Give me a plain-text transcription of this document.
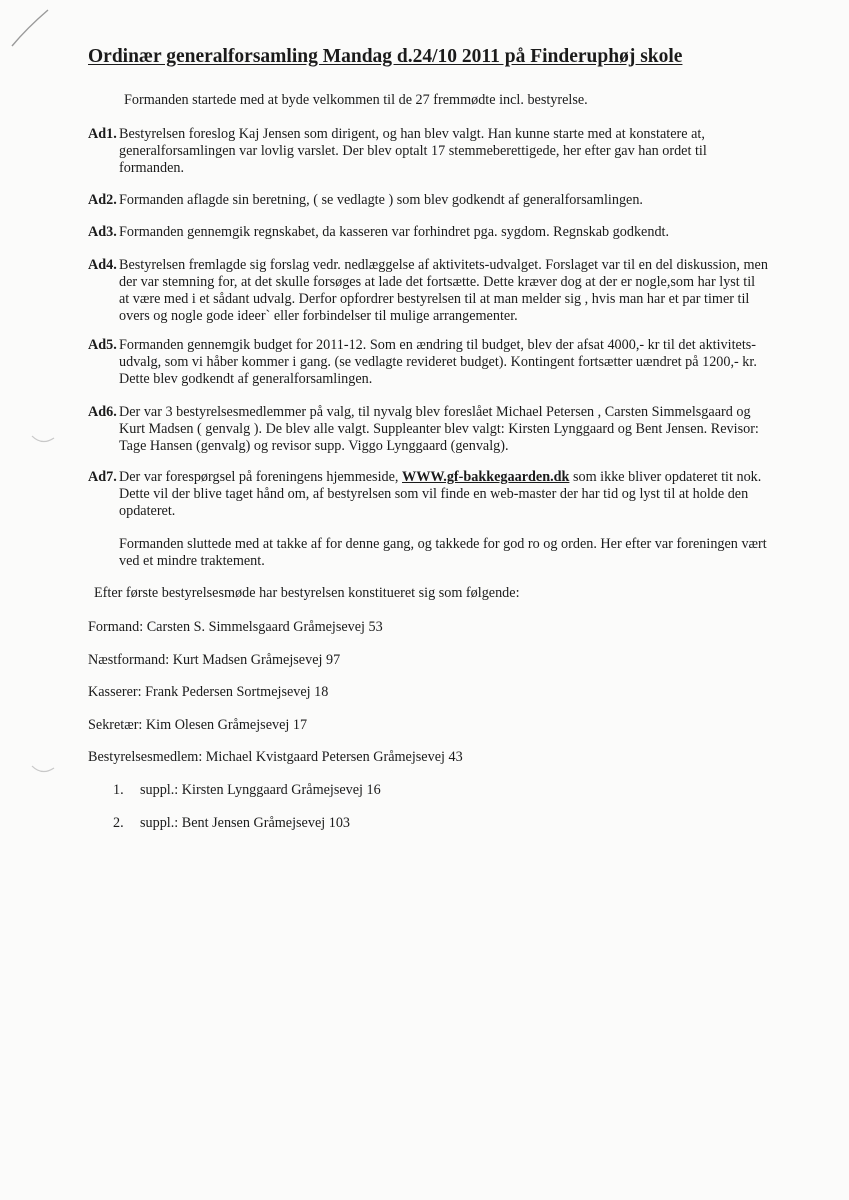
Ordinær generalforsamling Mandag d.24/10 2011 på Finderuphøj skole
Formanden startede med at byde velkommen til de 27 fremmødte incl. bestyrelse.
Ad1. Bestyrelsen foreslog Kaj Jensen som dirigent, og han blev valgt. Han kunne starte med at konstatere at, generalforsamlingen var lovlig varslet. Der blev optalt 17 stemmeberettigede, her efter gav han ordet til formanden.
Ad2. Formanden aflagde sin beretning, ( se vedlagte ) som blev godkendt af generalforsamlingen.
Ad3. Formanden gennemgik regnskabet, da kasseren var forhindret pga. sygdom. Regnskab godkendt.
Ad4. Bestyrelsen fremlagde sig forslag vedr. nedlæggelse af aktivitets-udvalget. Forslaget var til en del diskussion, men der var stemning for, at det skulle forsøges at lade det fortsætte. Dette kræver dog at der er nogle,som har lyst til at være med i et sådant udvalg. Derfor opfordrer bestyrelsen til at man melder sig , hvis man har et par timer til overs og nogle gode ideer` eller forbindelser til mulige arrangementer.
Ad5. Formanden gennemgik budget for 2011-12. Som en ændring til budget, blev der afsat 4000,- kr til det aktivitets-udvalg, som vi håber kommer i gang. (se vedlagte revideret budget). Kontingent fortsætter uændret på 1200,- kr. Dette blev godkendt af generalforsamlingen.
Ad6. Der var 3 bestyrelsesmedlemmer på valg, til nyvalg blev foreslået Michael Petersen , Carsten Simmelsgaard og Kurt Madsen ( genvalg ). De blev alle valgt. Suppleanter blev valgt: Kirsten Lynggaard og Bent Jensen. Revisor: Tage Hansen (genvalg) og revisor supp. Viggo Lynggaard (genvalg).
Ad7. Der var forespørgsel på foreningens hjemmeside, WWW.gf-bakkegaarden.dk som ikke bliver opdateret tit nok. Dette vil der blive taget hånd om, af bestyrelsen som vil finde en web-master der har tid og lyst til at holde den opdateret.
Formanden sluttede med at takke af for denne gang, og takkede for god ro og orden. Her efter var foreningen vært ved et mindre traktement.
Efter første bestyrelsesmøde har bestyrelsen konstitueret sig som følgende:
Formand: Carsten S. Simmelsgaard Gråmejsevej 53
Næstformand: Kurt Madsen Gråmejsevej 97
Kasserer: Frank Pedersen Sortmejsevej 18
Sekretær: Kim Olesen Gråmejsevej 17
Bestyrelsesmedlem: Michael Kvistgaard Petersen Gråmejsevej 43
1. suppl.: Kirsten Lynggaard Gråmejsevej 16
2. suppl.: Bent Jensen Gråmejsevej 103
